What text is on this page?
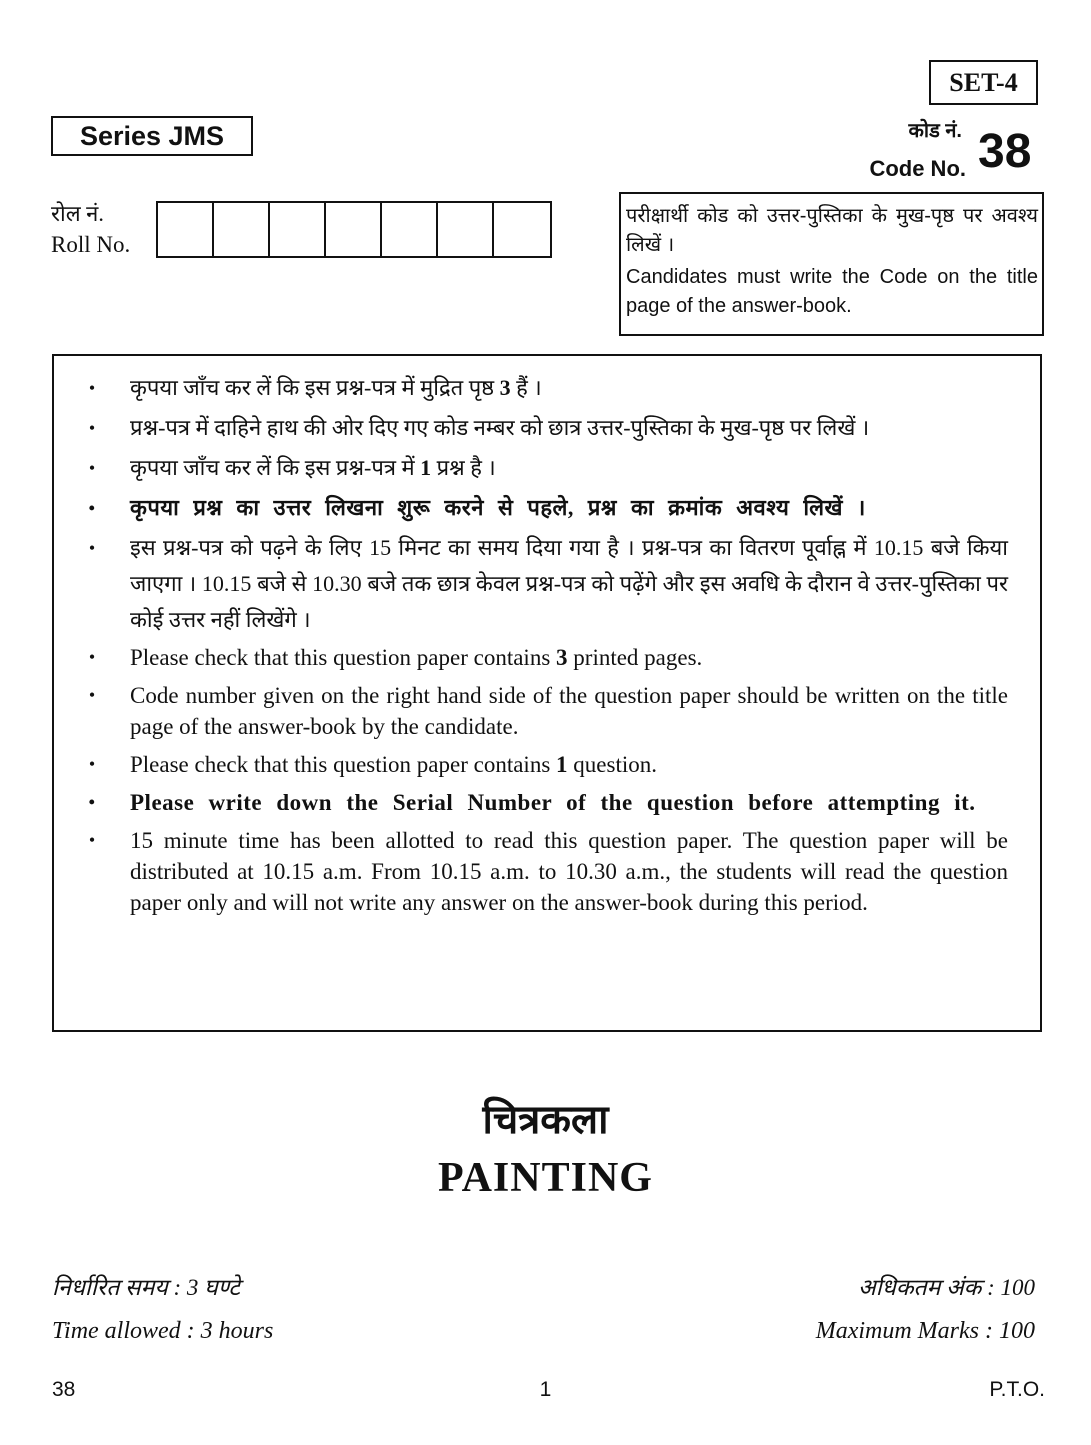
SET-4
Series JMS	कोड नं.
Code No. 38
रोल नं.
Roll No.
परीक्षार्थी कोड को उत्तर-पुस्तिका के मुख-पृष्ठ पर अवश्य लिखें ।
Candidates must write the Code on the title page of the answer-book.
•	कृपया जाँच कर लें कि इस प्रश्न-पत्र में मुद्रित पृष्ठ 3 हैं ।
•	प्रश्न-पत्र में दाहिने हाथ की ओर दिए गए कोड नम्बर को छात्र उत्तर-पुस्तिका के मुख-पृष्ठ पर लिखें ।
•	कृपया जाँच कर लें कि इस प्रश्न-पत्र में 1 प्रश्न है ।
• कृपया प्रश्न का उत्तर लिखना शुरू करने से पहले, प्रश्न का क्रमांक अवश्य लिखें ।
•	इस प्रश्न-पत्र को पढ़ने के लिए 15 मिनट का समय दिया गया है । प्रश्न-पत्र का वितरण पूर्वाह्न में 10.15 बजे किया जाएगा । 10.15 बजे से 10.30 बजे तक छात्र केवल प्रश्न-पत्र को पढ़ेंगे और इस अवधि के दौरान वे उत्तर-पुस्तिका पर कोई उत्तर नहीं लिखेंगे ।
• Please check that this question paper contains 3 printed pages.
• Code number given on the right hand side of the question paper should be written on the title page of the answer-book by the candidate.
• Please check that this question paper contains 1 question.
• Please write down the Serial Number of the question before attempting it.
• 15 minute time has been allotted to read this question paper. The question paper will be distributed at 10.15 a.m. From 10.15 a.m. to 10.30 a.m., the students will read the question paper only and will not write any answer on the answer-book during this period.
चित्रकला
PAINTING
निर्धारित समय : 3 घण्टे
Time allowed : 3 hours
अधिकतम अंक : 100
Maximum Marks : 100
38	1	P.T.O.
